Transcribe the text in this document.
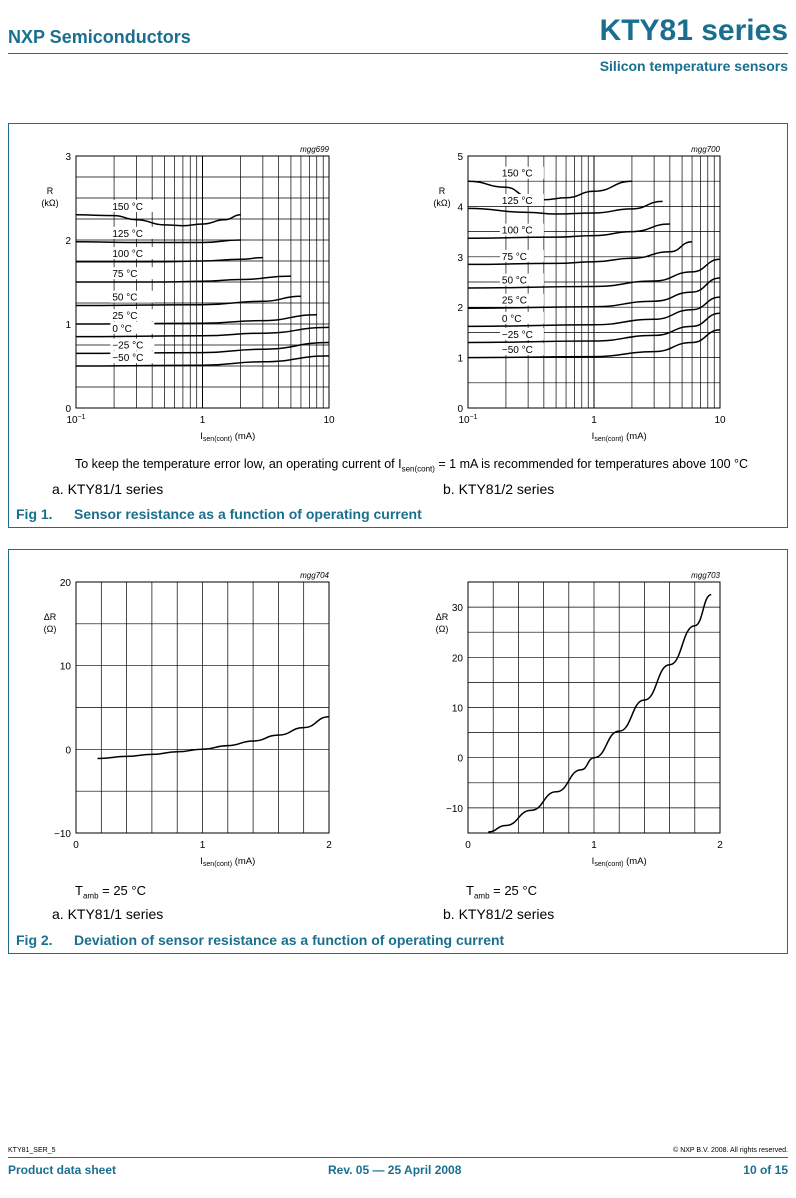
NXP Semiconductors	KTY81 series
Silicon temperature sensors
0
1
2
3
$10^{-1}$	1	10
R
(kΩ)
$I_{sen(cont)}$ (mA)
mgg699
150 °C
125 °C
100 °C
75 °C
50 °C
25 °C
0 °C
−25 °C
−50 °C
0
1
2
3
4
5
$10^{-1}$	1	10
R
(kΩ)
$I_{sen(cont)}$ (mA)
mgg700
150 °C
125 °C
100 °C
75 °C
50 °C
25 °C
0 °C
−25 °C
−50 °C
To keep the temperature error low, an operating current of $I_{sen(cont)} = 1$ mA is recommended for temperatures above 100 °C
a. KTY81/1 series	b. KTY81/2 series
Fig 1. Sensor resistance as a function of operating current
−10
0
10
20
0	1	2
ΔR
(Ω)
$I_{sen(cont)}$ (mA)
mgg704
−10
0
10
20
30
0	1	2
ΔR
(Ω)
$I_{sen(cont)}$ (mA)
mgg703
$T_{amb} = 25$ °C	$T_{amb} = 25$ °C
a. KTY81/1 series	b. KTY81/2 series
Fig 2. Deviation of sensor resistance as a function of operating current
KTY81_SER_5	© NXP B.V. 2008. All rights reserved.
Product data sheet	Rev. 05 — 25 April 2008	10 of 15
